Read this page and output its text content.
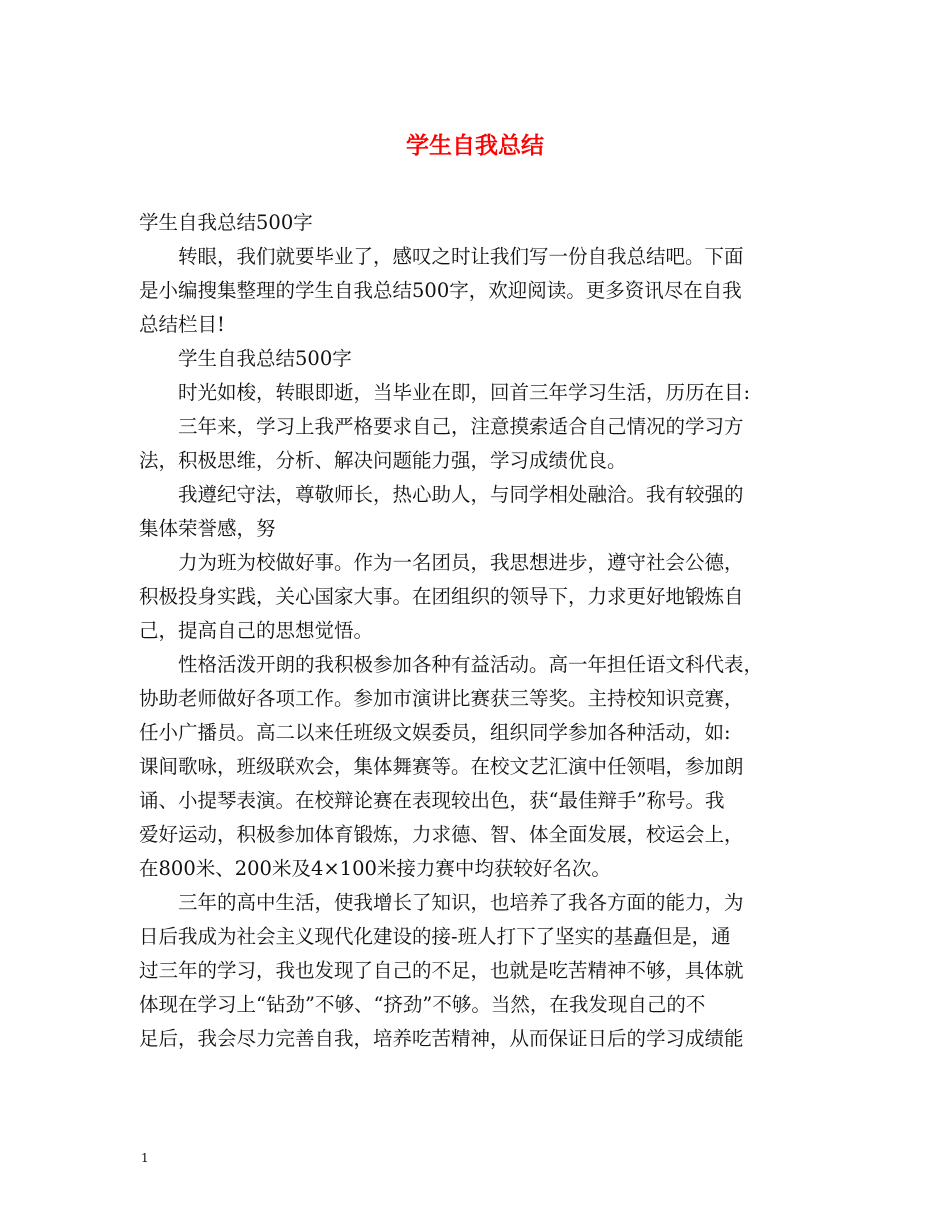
学生自我总结
学生自我总结500字
转眼，我们就要毕业了，感叹之时让我们写一份自我总结吧。下面
是小编搜集整理的学生自我总结500字，欢迎阅读。更多资讯尽在自我
总结栏目!
学生自我总结500字
时光如梭，转眼即逝，当毕业在即，回首三年学习生活，历历在目:
三年来，学习上我严格要求自己，注意摸索适合自己情况的学习方
法，积极思维，分析、解决问题能力强，学习成绩优良。
我遵纪守法，尊敬师长，热心助人，与同学相处融洽。我有较强的
集体荣誉感，努
力为班为校做好事。作为一名团员，我思想进步，遵守社会公德，
积极投身实践，关心国家大事。在团组织的领导下，力求更好地锻炼自
己，提高自己的思想觉悟。
性格活泼开朗的我积极参加各种有益活动。高一年担任语文科代表，
协助老师做好各项工作。参加市演讲比赛获三等奖。主持校知识竞赛，
任小广播员。高二以来任班级文娱委员，组织同学参加各种活动，如:
课间歌咏，班级联欢会，集体舞赛等。在校文艺汇演中任领唱，参加朗
诵、小提琴表演。在校辩论赛在表现较出色，获“最佳辩手”称号。我
爱好运动，积极参加体育锻炼，力求德、智、体全面发展，校运会上，
在800米、200米及4×100米接力赛中均获较好名次。
三年的高中生活，使我增长了知识，也培养了我各方面的能力，为
日后我成为社会主义现代化建设的接-班人打下了坚实的基矗但是，通
过三年的学习，我也发现了自己的不足，也就是吃苦精神不够，具体就
体现在学习上“钻劲”不够、“挤劲”不够。当然，在我发现自己的不
足后，我会尽力完善自我，培养吃苦精神，从而保证日后的学习成绩能
1
